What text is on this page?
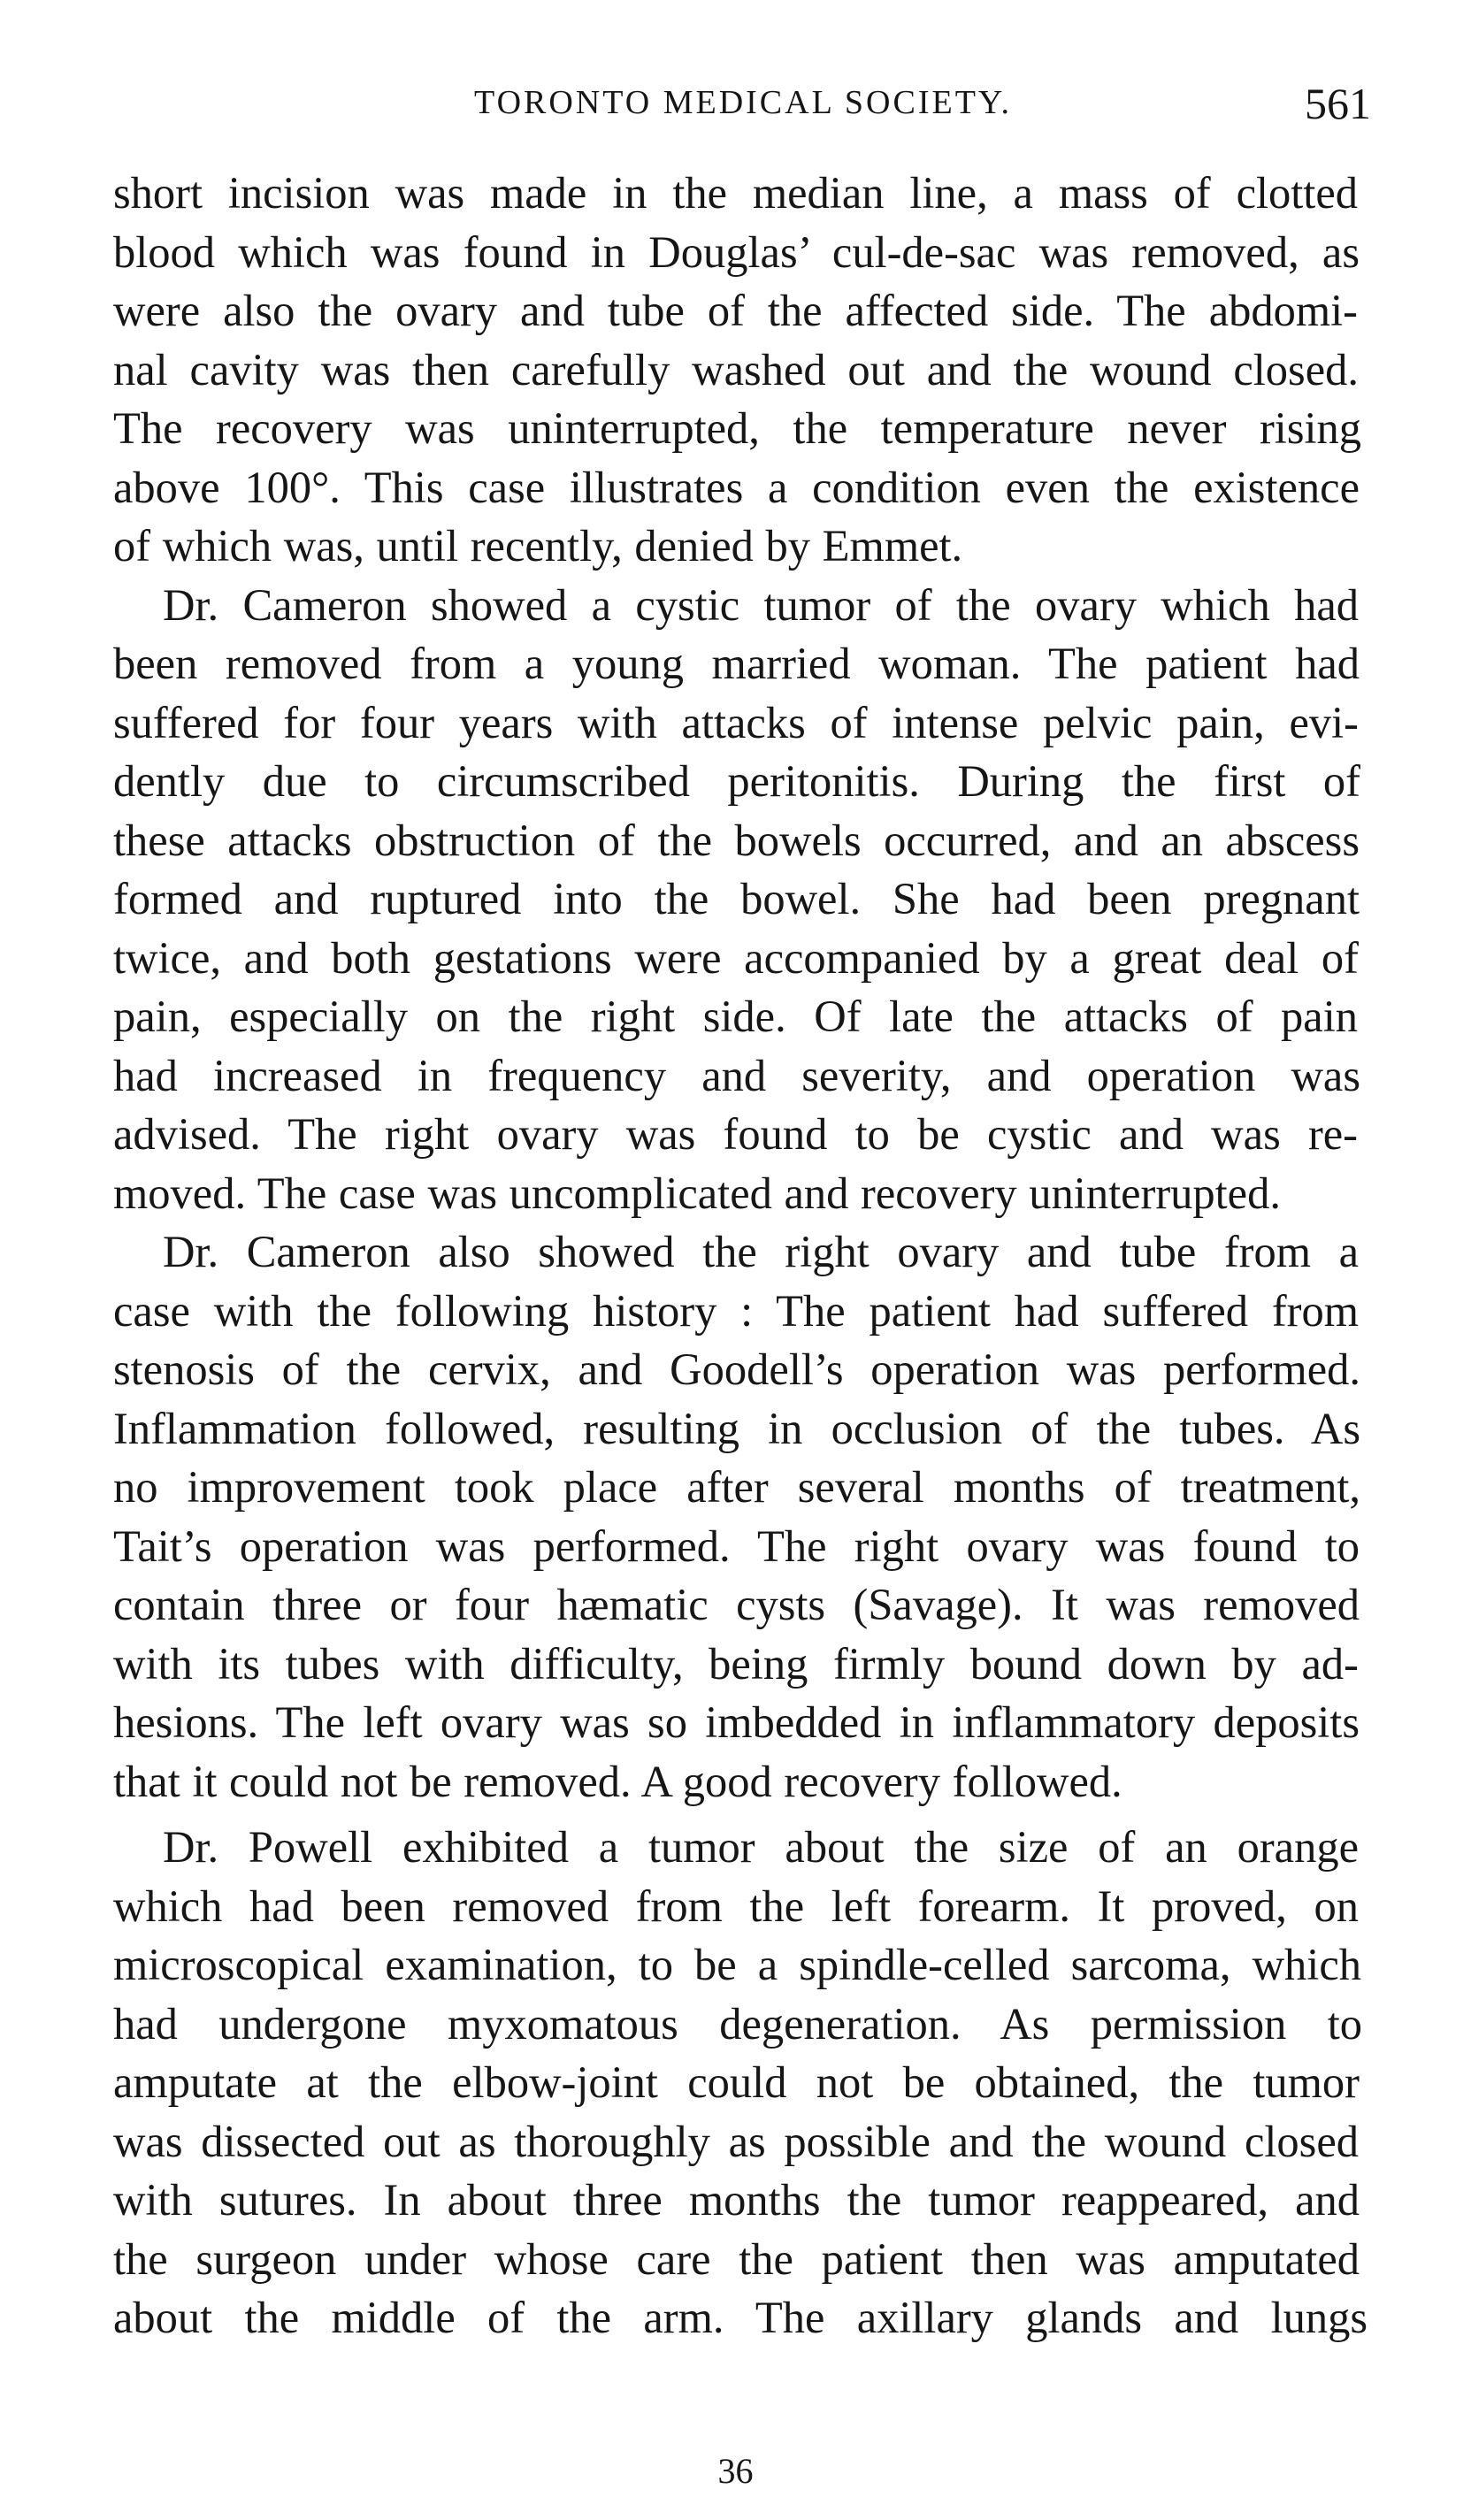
TORONTO MEDICAL SOCIETY.	561

short incision was made in the median line, a mass of clotted
blood which was found in Douglas’ cul-de-sac was removed, as
were also the ovary and tube of the affected side. The abdomi-
nal cavity was then carefully washed out and the wound closed.
The recovery was uninterrupted, the temperature never rising
above 100°. This case illustrates a condition even the existence
of which was, until recently, denied by Emmet.

Dr. Cameron showed a cystic tumor of the ovary which had
been removed from a young married woman. The patient had
suffered for four years with attacks of intense pelvic pain, evi-
dently due to circumscribed peritonitis. During the first of
these attacks obstruction of the bowels occurred, and an abscess
formed and ruptured into the bowel. She had been pregnant
twice, and both gestations were accompanied by a great deal of
pain, especially on the right side. Of late the attacks of pain
had increased in frequency and severity, and operation was
advised. The right ovary was found to be cystic and was re-
moved. The case was uncomplicated and recovery uninterrupted.

Dr. Cameron also showed the right ovary and tube from a
case with the following history : The patient had suffered from
stenosis of the cervix, and Goodell’s operation was performed.
Inflammation followed, resulting in occlusion of the tubes. As
no improvement took place after several months of treatment,
Tait’s operation was performed. The right ovary was found to
contain three or four hæmatic cysts (Savage). It was removed
with its tubes with difficulty, being firmly bound down by ad-
hesions. The left ovary was so imbedded in inflammatory deposits
that it could not be removed. A good recovery followed.

Dr. Powell exhibited a tumor about the size of an orange
which had been removed from the left forearm. It proved, on
microscopical examination, to be a spindle-celled sarcoma, which
had undergone myxomatous degeneration. As permission to
amputate at the elbow-joint could not be obtained, the tumor
was dissected out as thoroughly as possible and the wound closed
with sutures. In about three months the tumor reappeared, and
the surgeon under whose care the patient then was amputated
about the middle of the arm. The axillary glands and lungs

36
